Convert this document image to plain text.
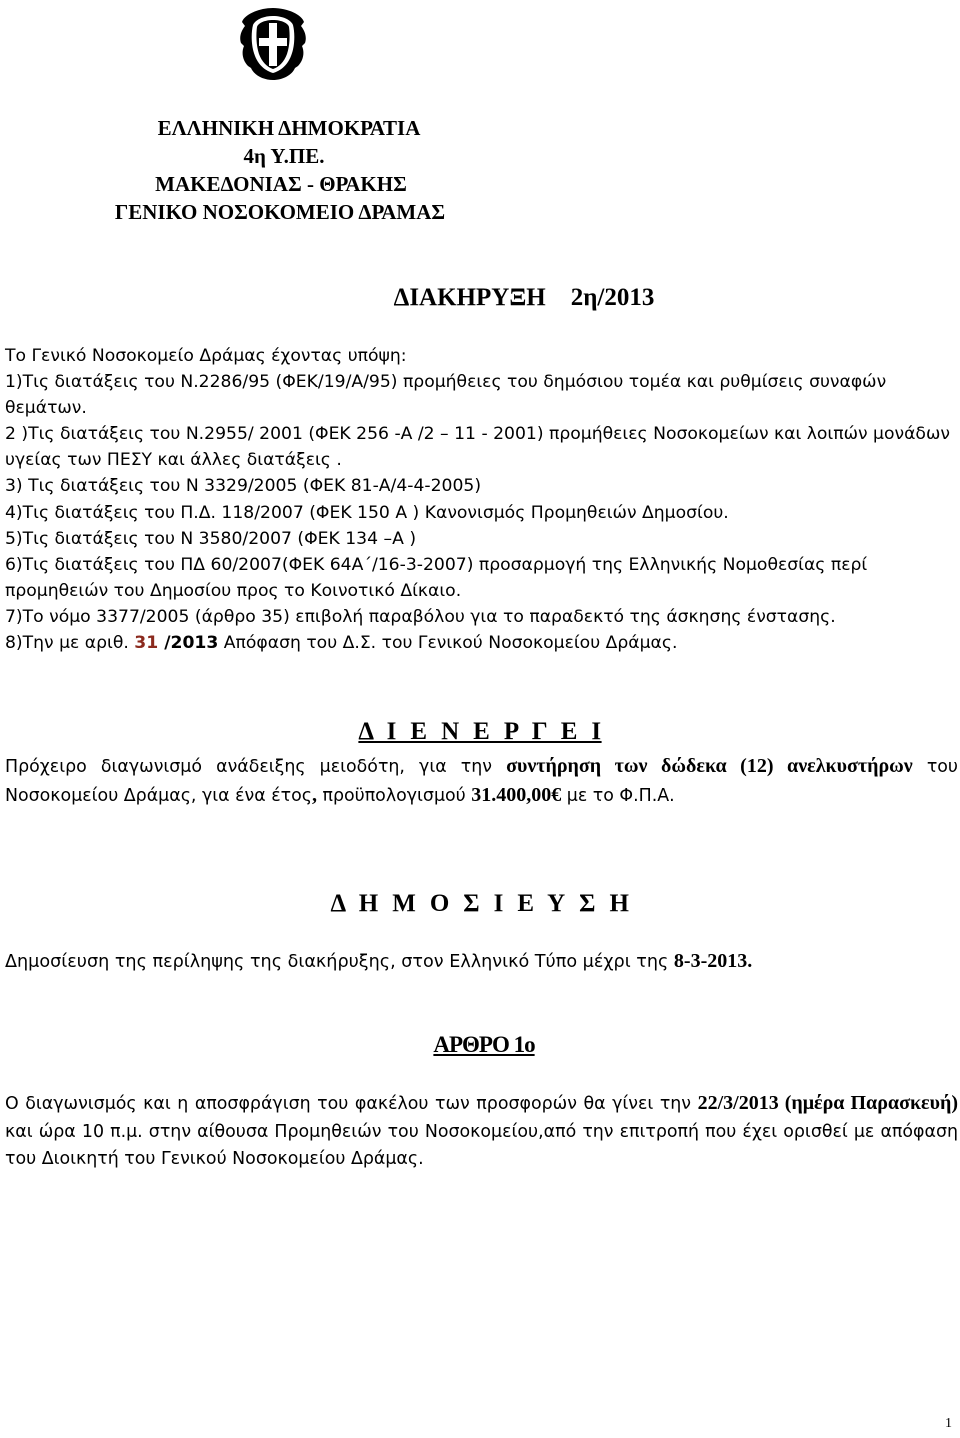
ΕΛΛΗΝΙΚΗ ΔΗΜΟΚΡΑΤΙΑ
4η Υ.ΠΕ.
ΜΑΚΕΔΟΝΙΑΣ - ΘΡΑΚΗΣ
ΓΕΝΙΚΟ ΝΟΣΟΚΟΜΕΙΟ ΔΡΑΜΑΣ
ΔΙΑΚΗΡΥΞΗ 2η/2013

Το Γενικό Νοσοκομείο Δράμας έχοντας υπόψη:

1)Τις διατάξεις του Ν.2286/95 (ΦΕΚ/19/Α/95) προμήθειες του δημόσιου τομέα και ρυθμίσεις συναφών θεμάτων.

2 )Τις διατάξεις του Ν.2955/ 2001 (ΦΕΚ 256 -Α /2 – 11 - 2001) προμήθειες Νοσοκομείων και λοιπών μονάδων υγείας των ΠΕΣΥ και άλλες διατάξεις .

3) Τις διατάξεις του Ν 3329/2005 (ΦΕΚ 81-Α/4-4-2005)

4)Τις διατάξεις του Π.Δ. 118/2007 (ΦΕΚ 150 Α ) Κανονισμός Προμηθειών Δημοσίου.

5)Τις διατάξεις του Ν 3580/2007 (ΦΕΚ 134 –Α )

6)Τις διατάξεις του ΠΔ 60/2007(ΦΕΚ 64Α΄/16-3-2007) προσαρμογή της Ελληνικής Νομοθεσίας περί προμηθειών του Δημοσίου προς το Κοινοτικό Δίκαιο.

7)Το νόμο 3377/2005 (άρθρο 35) επιβολή παραβόλου για το παραδεκτό της άσκησης ένστασης.

8)Την με αριθ. 31 /2013 Απόφαση του Δ.Σ. του Γενικού Νοσοκομείου Δράμας.

Δ  Ι  Ε  Ν  Ε  Ρ  Γ  Ε  Ι
Πρόχειρο διαγωνισμό ανάδειξης μειοδότη, για την συντήρηση των δώδεκα (12) ανελκυστήρων του Νοσοκομείου Δράμας, για ένα έτος, προϋπολογισμού 31.400,00€ με το Φ.Π.Α.
Δ  Η  Μ  Ο  Σ  Ι  Ε  Υ  Σ  Η
Δημοσίευση της περίληψης της διακήρυξης, στον Ελληνικό Τύπο μέχρι της 8-3-2013.
ΑΡΘΡΟ 1ο
Ο διαγωνισμός και η αποσφράγιση του φακέλου των προσφορών θα γίνει την 22/3/2013 (ημέρα Παρασκευή) και ώρα 10 π.μ. στην αίθουσα Προμηθειών του Νοσοκομείου,από την επιτροπή που έχει ορισθεί με απόφαση του Διοικητή του Γενικού Νοσοκομείου Δράμας.
1
